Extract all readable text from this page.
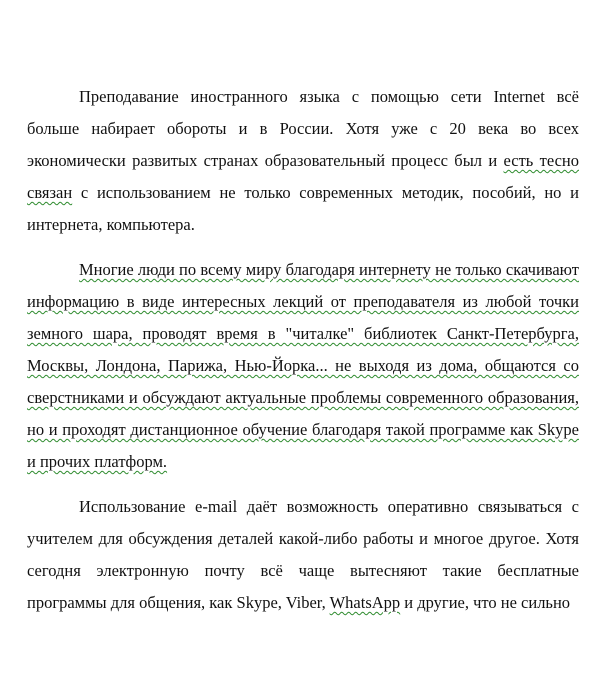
Преподавание иностранного языка с помощью сети Internet всё больше набирает обороты и в России. Хотя уже с 20 века во всех экономически развитых странах образовательный процесс был и есть тесно связан с использованием не только современных методик, пособий, но и интернета, компьютера.

Многие люди по всему миру благодаря интернету не только скачивают информацию в виде интересных лекций от преподавателя из любой точки земного шара, проводят время в "читалке" библиотек Санкт-Петербурга, Москвы, Лондона, Парижа, Нью-Йорка... не выходя из дома, общаются со сверстниками и обсуждают актуальные проблемы современного образования, но и проходят дистанционное обучение благодаря такой программе как Skype и прочих платформ.

Использование e-mail даёт возможность оперативно связываться с учителем для обсуждения деталей какой-либо работы и многое другое. Хотя сегодня электронную почту всё чаще вытесняют такие бесплатные программы для общения, как Skype, Viber, WhatsApp и другие, что не сильно
